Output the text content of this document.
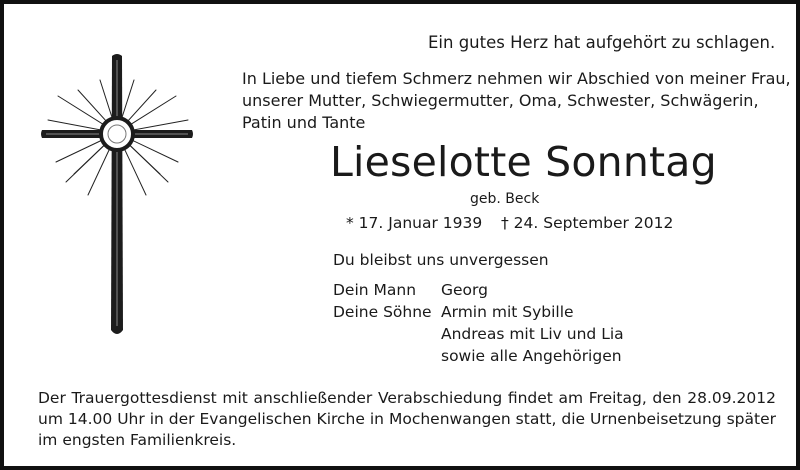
Ein gutes Herz hat aufgehört zu schlagen.
In Liebe und tiefem Schmerz nehmen wir Abschied von meiner Frau,
unserer Mutter, Schwiegermutter, Oma, Schwester, Schwägerin,
Patin und Tante
Lieselotte Sonntag
geb. Beck
* 17. Januar 1939 † 24. September 2012
Du bleibst uns unvergessen
Dein Mann Georg
Deine Söhne Armin mit Sybille
Andreas mit Liv und Lia
sowie alle Angehörigen
Der Trauergottesdienst mit anschließender Verabschiedung findet am Freitag, den 28.09.2012 um 14.00 Uhr in der Evangelischen Kirche in Mochenwangen statt, die Urnenbeisetzung später im engsten Familienkreis.
